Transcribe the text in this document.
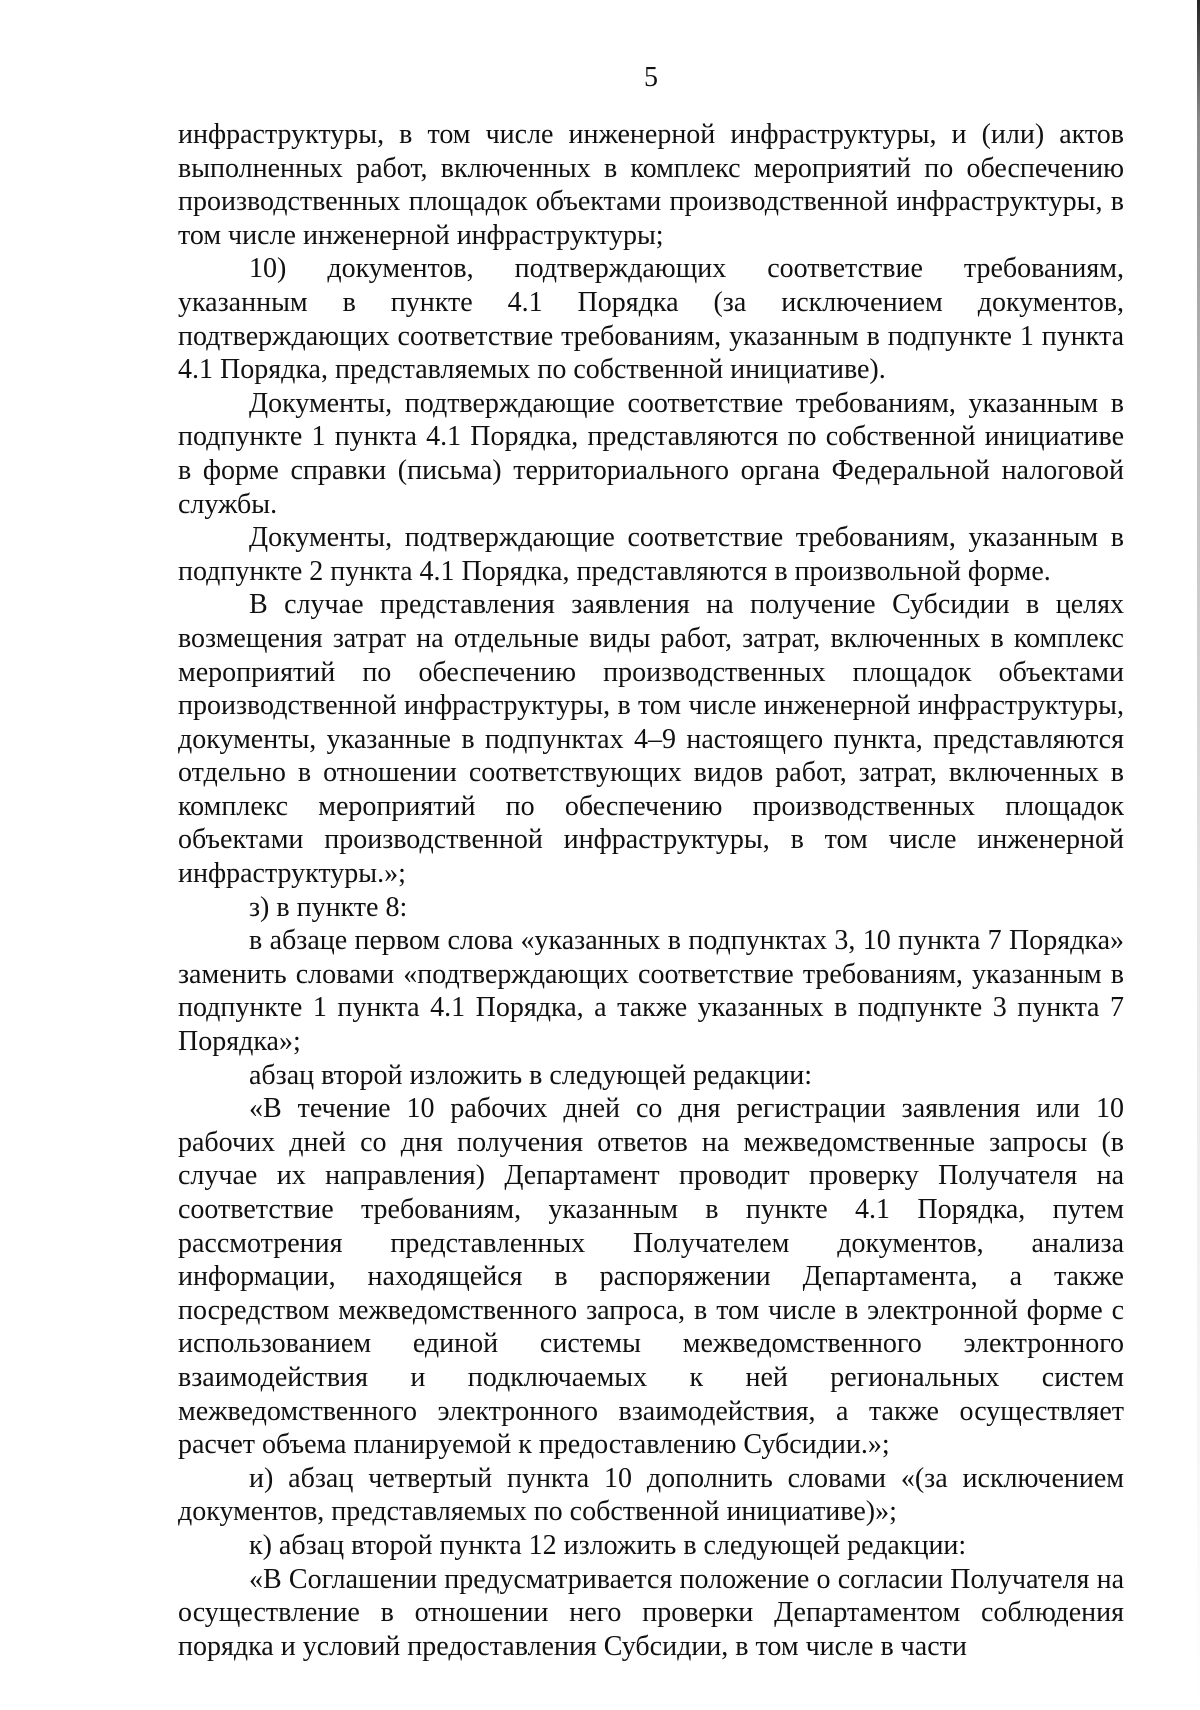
5

инфраструктуры, в том числе инженерной инфраструктуры, и (или) актов выполненных работ, включенных в комплекс мероприятий по обеспечению производственных площадок объектами производственной инфраструктуры, в том числе инженерной инфраструктуры;

10) документов, подтверждающих соответствие требованиям, указанным в пункте 4.1 Порядка (за исключением документов, подтверждающих соответствие требованиям, указанным в подпункте 1 пункта 4.1 Порядка, представляемых по собственной инициативе).

Документы, подтверждающие соответствие требованиям, указанным в подпункте 1 пункта 4.1 Порядка, представляются по собственной инициативе в форме справки (письма) территориального органа Федеральной налоговой службы.

Документы, подтверждающие соответствие требованиям, указанным в подпункте 2 пункта 4.1 Порядка, представляются в произвольной форме.

В случае представления заявления на получение Субсидии в целях возмещения затрат на отдельные виды работ, затрат, включенных в комплекс мероприятий по обеспечению производственных площадок объектами производственной инфраструктуры, в том числе инженерной инфраструктуры, документы, указанные в подпунктах 4–9 настоящего пункта, представляются отдельно в отношении соответствующих видов работ, затрат, включенных в комплекс мероприятий по обеспечению производственных площадок объектами производственной инфраструктуры, в том числе инженерной инфраструктуры.»;

з) в пункте 8:

в абзаце первом слова «указанных в подпунктах 3, 10 пункта 7 Порядка» заменить словами «подтверждающих соответствие требованиям, указанным в подпункте 1 пункта 4.1 Порядка, а также указанных в подпункте 3 пункта 7 Порядка»;

абзац второй изложить в следующей редакции:

«В течение 10 рабочих дней со дня регистрации заявления или 10 рабочих дней со дня получения ответов на межведомственные запросы (в случае их направления) Департамент проводит проверку Получателя на соответствие требованиям, указанным в пункте 4.1 Порядка, путем рассмотрения представленных Получателем документов, анализа информации, находящейся в распоряжении Департамента, а также посредством межведомственного запроса, в том числе в электронной форме с использованием единой системы межведомственного электронного взаимодействия и подключаемых к ней региональных систем межведомственного электронного взаимодействия, а также осуществляет расчет объема планируемой к предоставлению Субсидии.»;

и) абзац четвертый пункта 10 дополнить словами «(за исключением документов, представляемых по собственной инициативе)»;

к) абзац второй пункта 12 изложить в следующей редакции:

«В Соглашении предусматривается положение о согласии Получателя на осуществление в отношении него проверки Департаментом соблюдения порядка и условий предоставления Субсидии, в том числе в части
